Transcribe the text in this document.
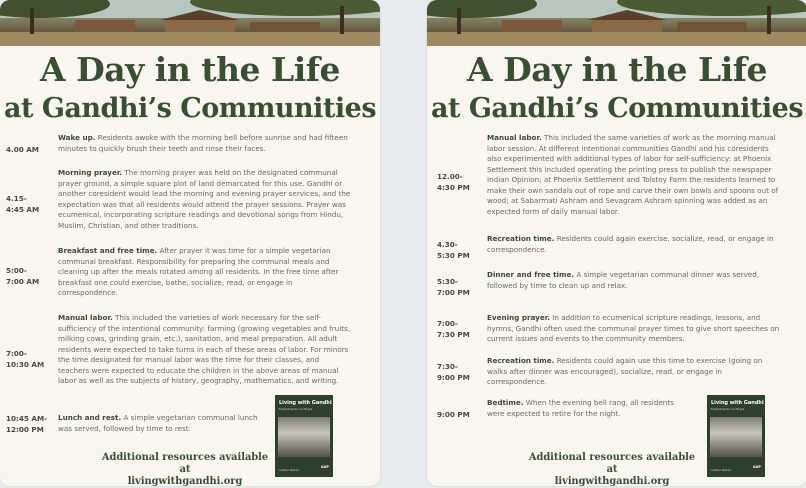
A Day in the Life
at Gandhi’s Communities
4.00 AM
Wake up. Residents awoke with the morning bell before sunrise and had fifteen minutes to quickly brush their teeth and rinse their faces.
4.15-
4:45 AM
Morning prayer. The morning prayer was held on the designated communal prayer ground, a simple square plot of land demarcated for this use. Gandhi or another coresident would lead the morning and evening prayer services, and the expectation was that all residents would attend the prayer sessions. Prayer was ecumenical, incorporating scripture readings and devotional songs from Hindu, Muslim, Christian, and other traditions.
5:00-
7:00 AM
Breakfast and free time. After prayer it was time for a simple vegetarian communal breakfast. Responsibility for preparing the communal meals and cleaning up after the meals rotated among all residents. In the free time after breakfast one could exercise, bathe, socialize, read, or engage in correspondence.
7:00-
10:30 AM
Manual labor. This included the varieties of work necessary for the self-sufficiency of the intentional community: farming (growing vegetables and fruits, milking cows, grinding grain, etc.), sanitation, and meal preparation. All adult residents were expected to take turns in each of these areas of labor. For minors the time designated for manual labor was the time for their classes, and teachers were expected to educate the children in the above areas of manual labor as well as the subjects of history, geography, mathematics, and writing.
10:45 AM-
12:00 PM
Lunch and rest. A simple vegetarian communal lunch was served, followed by time to rest.
Additional resources available at
livingwithgandhi.org
Living with Gandhi
Experiments in Utopia
Author Name
AUP
A Day in the Life
at Gandhi’s Communities
12.00-
4:30 PM
Manual labor. This included the same varieties of work as the morning manual labor session. At different intentional communities Gandhi and his coresidents also experimented with additional types of labor for self-sufficiency: at Phoenix Settlement this included operating the printing press to publish the newspaper Indian Opinion; at Phoenix Settlement and Tolstoy Farm the residents learned to make their own sandals out of rope and carve their own bowls and spoons out of wood; at Sabarmati Ashram and Sevagram Ashram spinning was added as an expected form of daily manual labor.
4.30-
5:30 PM
Recreation time. Residents could again exercise, socialize, read, or engage in correspondence.
5:30-
7:00 PM
Dinner and free time. A simple vegetarian communal dinner was served, followed by time to clean up and relax.
7:00-
7:30 PM
Evening prayer. In addition to ecumenical scripture readings, lessons, and hymns, Gandhi often used the communal prayer times to give short speeches on current issues and events to the community members.
7:30-
9:00 PM
Recreation time. Residents could again use this time to exercise (going on walks after dinner was encouraged), socialize, read, or engage in correspondence.
9:00 PM
Bedtime. When the evening bell rang, all residents were expected to retire for the night.
Additional resources available at
livingwithgandhi.org
Living with Gandhi
Experiments in Utopia
Author Name
AUP
